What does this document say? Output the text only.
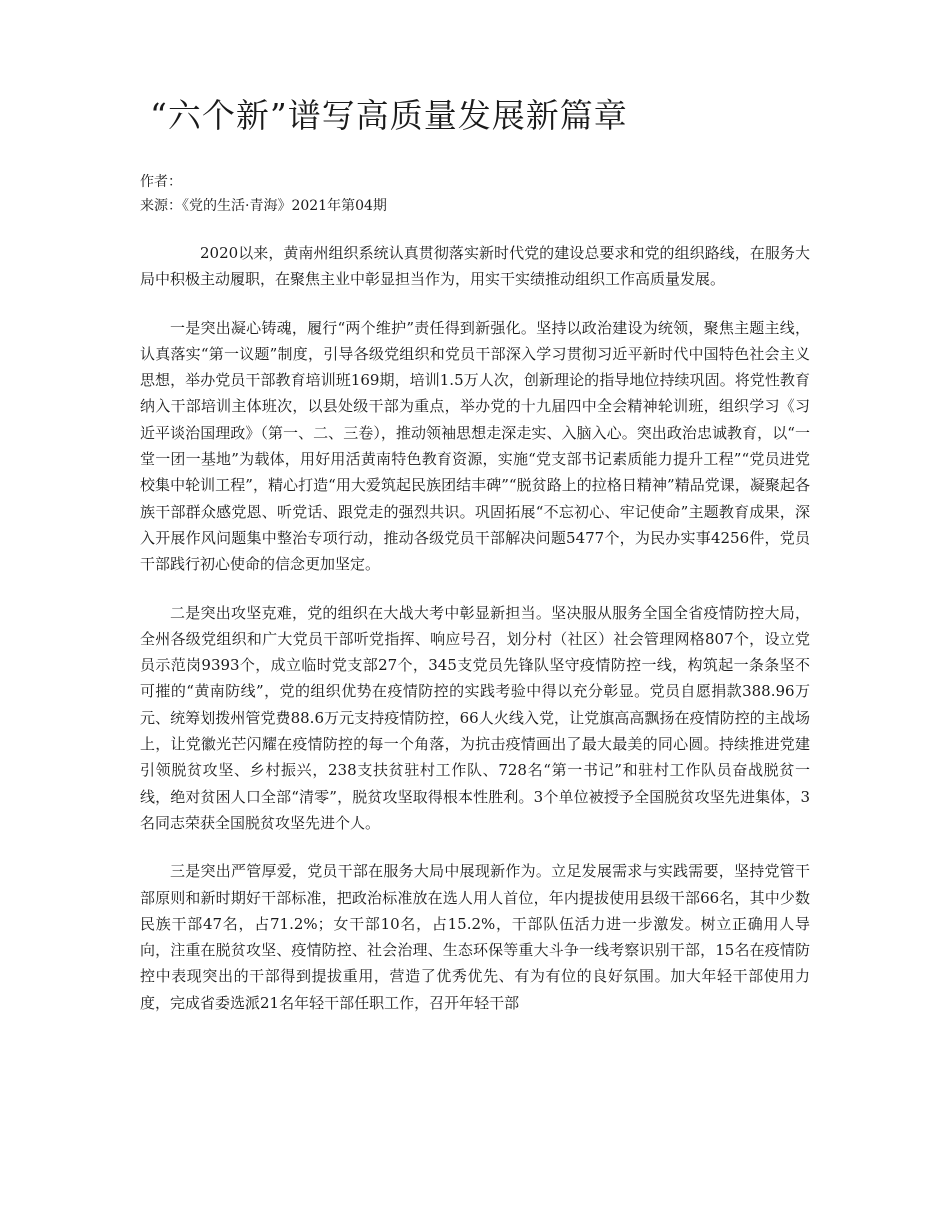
“六个新”谱写高质量发展新篇章
作者：
来源：《党的生活·青海》2021年第04期

2020以来，黄南州组织系统认真贯彻落实新时代党的建设总要求和党的组织路线，在服务大局中积极主动履职，在聚焦主业中彰显担当作为，用实干实绩推动组织工作高质量发展。

一是突出凝心铸魂，履行“两个维护”责任得到新强化。坚持以政治建设为统领，聚焦主题主线，认真落实“第一议题”制度，引导各级党组织和党员干部深入学习贯彻习近平新时代中国特色社会主义思想，举办党员干部教育培训班169期，培训1.5万人次，创新理论的指导地位持续巩固。将党性教育纳入干部培训主体班次，以县处级干部为重点，举办党的十九届四中全会精神轮训班，组织学习《习近平谈治国理政》（第一、二、三卷），推动领袖思想走深走实、入脑入心。突出政治忠诚教育，以“一堂一团一基地”为载体，用好用活黄南特色教育资源，实施“党支部书记素质能力提升工程”“党员进党校集中轮训工程”，精心打造“用大爱筑起民族团结丰碑”“脱贫路上的拉格日精神”精品党课，凝聚起各族干部群众感党恩、听党话、跟党走的强烈共识。巩固拓展“不忘初心、牢记使命”主题教育成果，深入开展作风问题集中整治专项行动，推动各级党员干部解决问题5477个，为民办实事4256件，党员干部践行初心使命的信念更加坚定。

二是突出攻坚克难，党的组织在大战大考中彰显新担当。坚决服从服务全国全省疫情防控大局，全州各级党组织和广大党员干部听党指挥、响应号召，划分村（社区）社会管理网格807个，设立党员示范岗9393个，成立临时党支部27个，345支党员先锋队坚守疫情防控一线，构筑起一条条坚不可摧的“黄南防线”，党的组织优势在疫情防控的实践考验中得以充分彰显。党员自愿捐款388.96万元、统筹划拨州管党费88.6万元支持疫情防控，66人火线入党，让党旗高高飘扬在疫情防控的主战场上，让党徽光芒闪耀在疫情防控的每一个角落，为抗击疫情画出了最大最美的同心圆。持续推进党建引领脱贫攻坚、乡村振兴，238支扶贫驻村工作队、728名“第一书记”和驻村工作队员奋战脱贫一线，绝对贫困人口全部“清零”，脱贫攻坚取得根本性胜利。3个单位被授予全国脱贫攻坚先进集体，3名同志荣获全国脱贫攻坚先进个人。

三是突出严管厚爱，党员干部在服务大局中展现新作为。立足发展需求与实践需要，坚持党管干部原则和新时期好干部标准，把政治标准放在选人用人首位，年内提拔使用县级干部66名，其中少数民族干部47名，占71.2%；女干部10名，占15.2%，干部队伍活力进一步激发。树立正确用人导向，注重在脱贫攻坚、疫情防控、社会治理、生态环保等重大斗争一线考察识别干部，15名在疫情防控中表现突出的干部得到提拔重用，营造了优秀优先、有为有位的良好氛围。加大年轻干部使用力度，完成省委选派21名年轻干部任职工作，召开年轻干部
